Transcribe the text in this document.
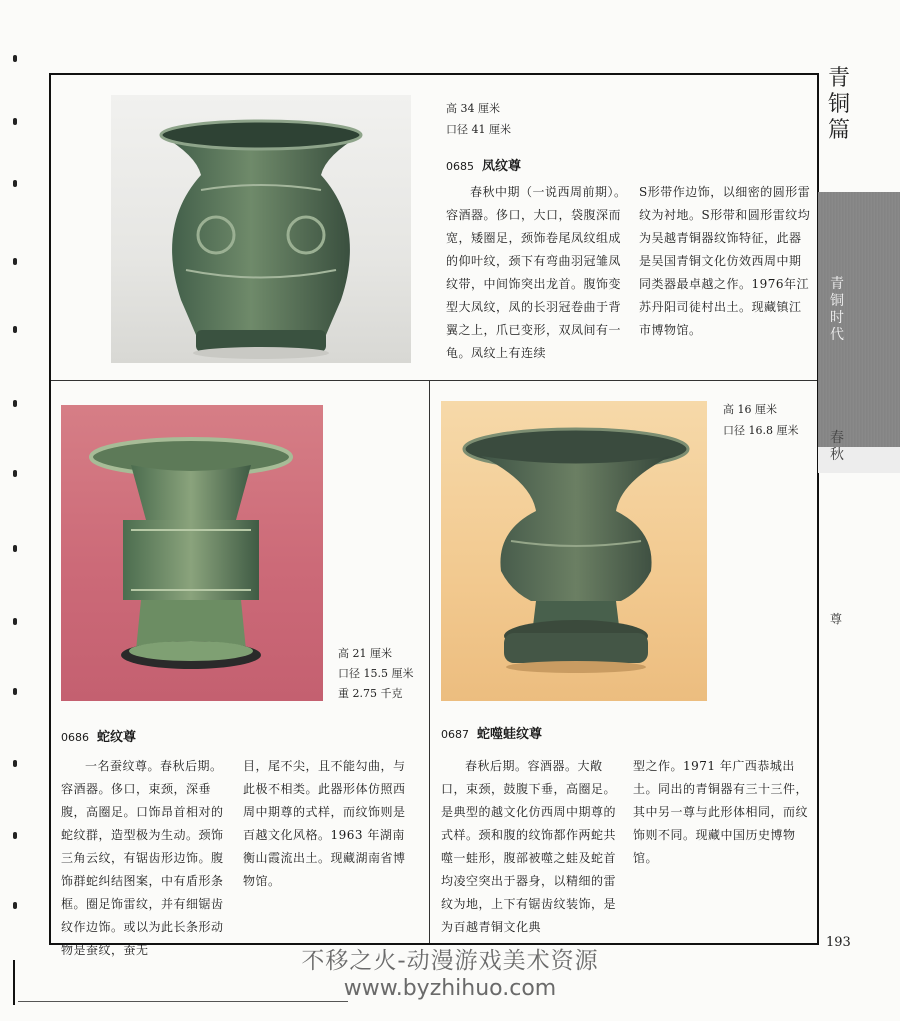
高 34 厘米
口径 41 厘米
0685 凤纹尊
春秋中期（一说西周前期）。容酒器。侈口，大口，袋腹深而宽，矮圈足，颈饰卷尾凤纹组成的仰叶纹，颈下有弯曲羽冠雏凤纹带，中间饰突出龙首。腹饰变型大凤纹，凤的长羽冠卷曲于背翼之上，爪已变形，双凤间有一龟。凤纹上有连续
S形带作边饰，以细密的圆形雷纹为衬地。S形带和圆形雷纹均为吴越青铜器纹饰特征，此器是吴国青铜文化仿效西周中期同类器最卓越之作。1976年江苏丹阳司徒村出土。现藏镇江市博物馆。
高 21 厘米
口径 15.5 厘米
重 2.75 千克
0686 蛇纹尊
一名蚕纹尊。春秋后期。容酒器。侈口，束颈，深垂腹，高圈足。口饰昂首相对的蛇纹群，造型极为生动。颈饰三角云纹，有锯齿形边饰。腹饰群蛇纠结图案，中有盾形条框。圈足饰雷纹，并有细锯齿纹作边饰。或以为此长条形动物是蚕纹，蚕无
目，尾不尖，且不能勾曲，与此极不相类。此器形体仿照西周中期尊的式样，而纹饰则是百越文化风格。1963 年湖南衡山霞流出土。现藏湖南省博物馆。
高 16 厘米
口径 16.8 厘米
0687 蛇噬蛙纹尊
春秋后期。容酒器。大敞口，束颈，鼓腹下垂，高圈足。是典型的越文化仿西周中期尊的式样。颈和腹的纹饰都作两蛇共噬一蛙形，腹部被噬之蛙及蛇首均凌空突出于器身，以精细的雷纹为地，上下有锯齿纹装饰，是为百越青铜文化典
型之作。1971 年广西恭城出土。同出的青铜器有三十三件，其中另一尊与此形体相同，而纹饰则不同。现藏中国历史博物馆。
青铜篇
青铜时代
春秋
尊
193
不移之火-动漫游戏美术资源
www.byzhihuo.com
